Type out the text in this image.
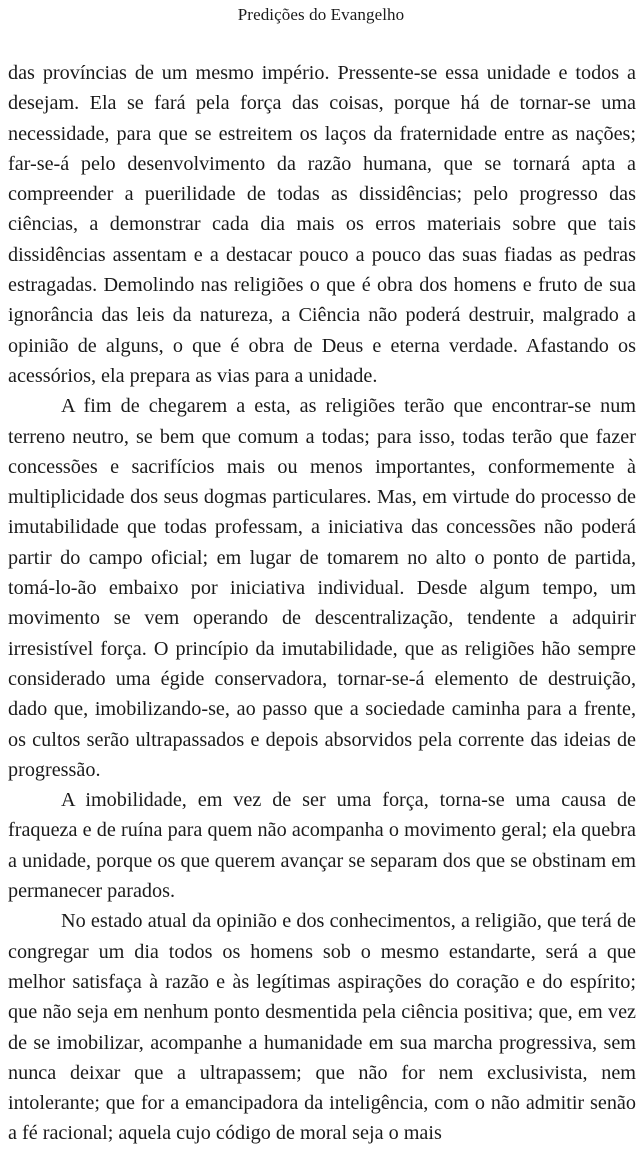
Predições do Evangelho

das províncias de um mesmo império. Pressente-se essa unidade e todos a desejam. Ela se fará pela força das coisas, porque há de tornar-se uma necessidade, para que se estreitem os laços da fraternidade entre as nações; far-se-á pelo desenvolvimento da razão humana, que se tornará apta a compreender a puerilidade de todas as dissidências; pelo progresso das ciências, a demonstrar cada dia mais os erros materiais sobre que tais dissidências assentam e a destacar pouco a pouco das suas fiadas as pedras estragadas. Demolindo nas religiões o que é obra dos homens e fruto de sua ignorância das leis da natureza, a Ciência não poderá destruir, malgrado a opinião de alguns, o que é obra de Deus e eterna verdade. Afastando os acessórios, ela prepara as vias para a unidade.

A fim de chegarem a esta, as religiões terão que encontrar-se num terreno neutro, se bem que comum a todas; para isso, todas terão que fazer concessões e sacrifícios mais ou menos importantes, conformemente à multiplicidade dos seus dogmas particulares. Mas, em virtude do processo de imutabilidade que todas professam, a iniciativa das concessões não poderá partir do campo oficial; em lugar de tomarem no alto o ponto de partida, tomá-lo-ão embaixo por iniciativa individual. Desde algum tempo, um movimento se vem operando de descentralização, tendente a adquirir irresistível força. O princípio da imutabilidade, que as religiões hão sempre considerado uma égide conservadora, tornar-se-á elemento de destruição, dado que, imobilizando-se, ao passo que a sociedade caminha para a frente, os cultos serão ultrapassados e depois absorvidos pela corrente das ideias de progressão.

A imobilidade, em vez de ser uma força, torna-se uma causa de fraqueza e de ruína para quem não acompanha o movimento geral; ela quebra a unidade, porque os que querem avançar se separam dos que se obstinam em permanecer parados.

No estado atual da opinião e dos conhecimentos, a religião, que terá de congregar um dia todos os homens sob o mesmo estandarte, será a que melhor satisfaça à razão e às legítimas aspirações do coração e do espírito; que não seja em nenhum ponto desmentida pela ciência positiva; que, em vez de se imobilizar, acompanhe a humanidade em sua marcha progressiva, sem nunca deixar que a ultrapassem; que não for nem exclusivista, nem intolerante; que for a emancipadora da inteligência, com o não admitir senão a fé racional; aquela cujo código de moral seja o mais
